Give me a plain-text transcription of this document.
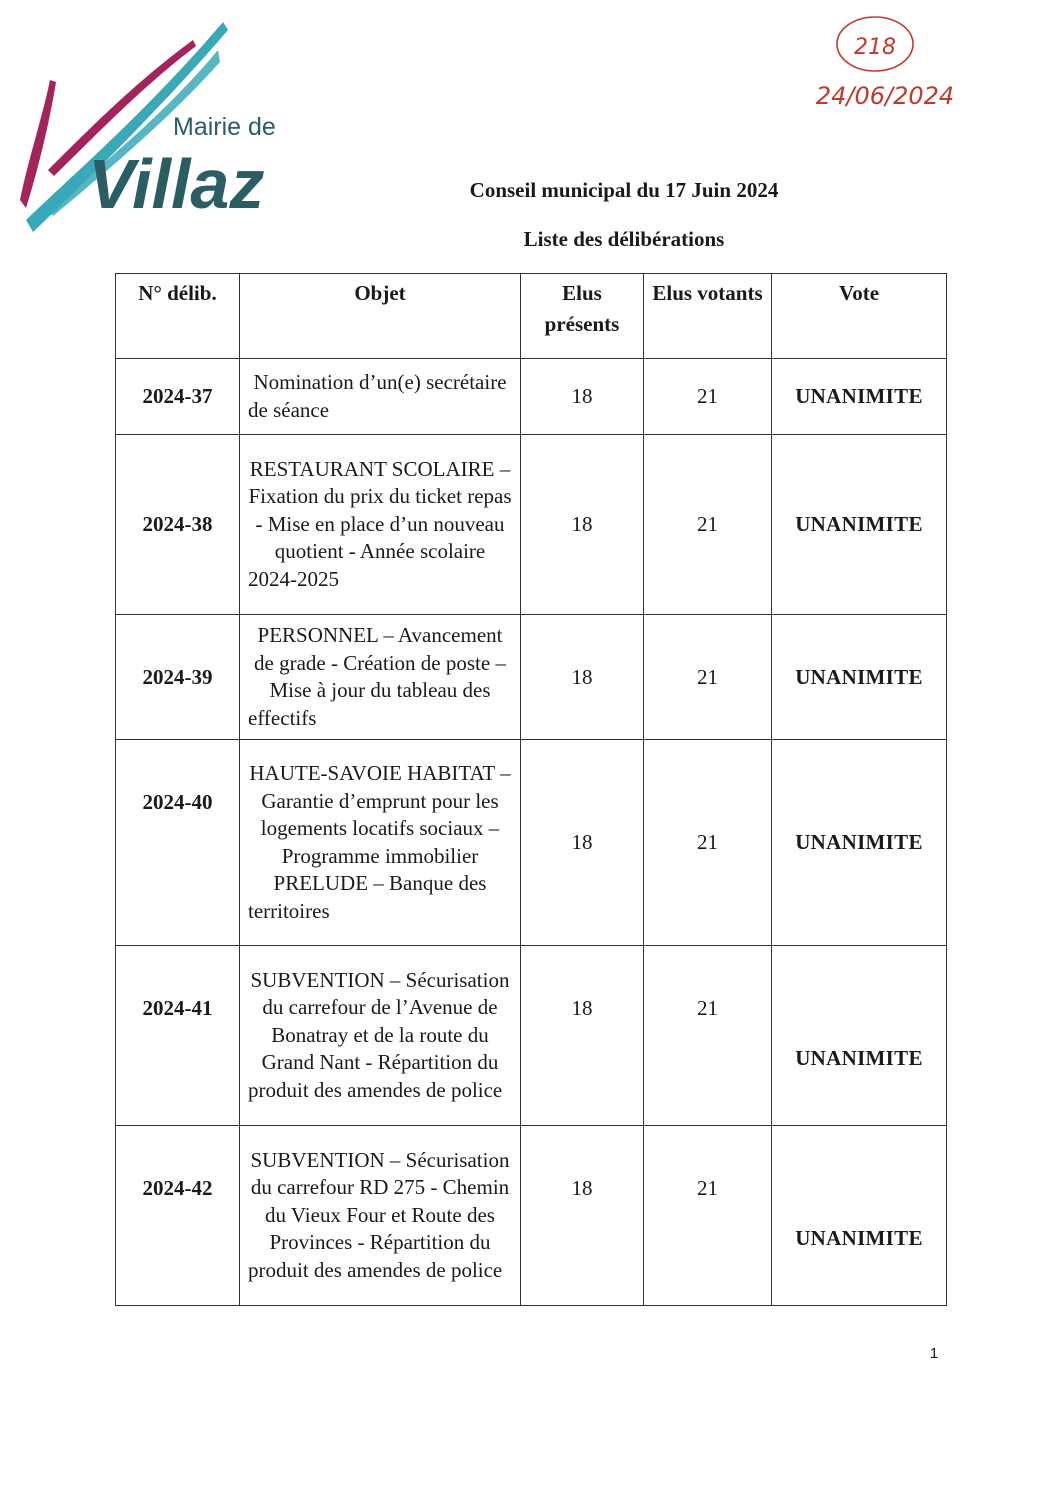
Mairie de
Villaz
218
24/06/2024
Conseil municipal du 17 Juin 2024
Liste des délibérations
N° délib.	Objet	Elus présents	Elus votants	Vote
2024-37	Nomination d’un(e) secrétaire de séance	18	21	UNANIMITE
2024-38	RESTAURANT SCOLAIRE – Fixation du prix du ticket repas - Mise en place d’un nouveau quotient - Année scolaire 2024-2025	18	21	UNANIMITE
2024-39	PERSONNEL – Avancement de grade - Création de poste – Mise à jour du tableau des effectifs	18	21	UNANIMITE
2024-40	HAUTE-SAVOIE HABITAT – Garantie d’emprunt pour les logements locatifs sociaux – Programme immobilier PRELUDE – Banque des territoires	18	21	UNANIMITE
2024-41	SUBVENTION – Sécurisation du carrefour de l’Avenue de Bonatray et de la route du Grand Nant - Répartition du produit des amendes de police	18	21	UNANIMITE
2024-42	SUBVENTION – Sécurisation du carrefour RD 275 - Chemin du Vieux Four et Route des Provinces - Répartition du produit des amendes de police	18	21	UNANIMITE
1
